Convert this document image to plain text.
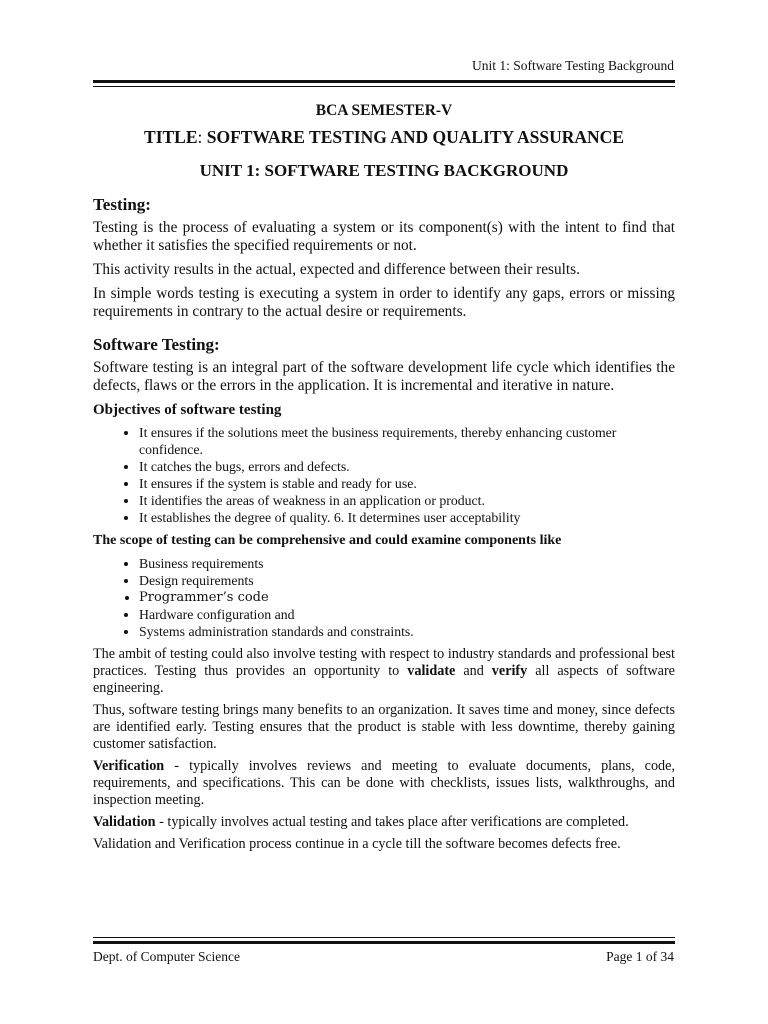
Unit 1: Software Testing Background
BCA SEMESTER-V
TITLE: SOFTWARE TESTING AND QUALITY ASSURANCE
UNIT 1: SOFTWARE TESTING BACKGROUND
Testing:

Testing is the process of evaluating a system or its component(s) with the intent to find that whether it satisfies the specified requirements or not.

This activity results in the actual, expected and difference between their results.

In simple words testing is executing a system in order to identify any gaps, errors or missing requirements in contrary to the actual desire or requirements.

Software Testing:

Software testing is an integral part of the software development life cycle which identifies the defects, flaws or the errors in the application. It is incremental and iterative in nature.

Objectives of software testing
• It ensures if the solutions meet the business requirements, thereby enhancing customer confidence.
• It catches the bugs, errors and defects.
• It ensures if the system is stable and ready for use.
• It identifies the areas of weakness in an application or product.
• It establishes the degree of quality. 6. It determines user acceptability
The scope of testing can be comprehensive and could examine components like
• Business requirements
• Design requirements
• Programmer’s code
• Hardware configuration and
• Systems administration standards and constraints.

The ambit of testing could also involve testing with respect to industry standards and professional best practices. Testing thus provides an opportunity to validate and verify all aspects of software engineering.

Thus, software testing brings many benefits to an organization. It saves time and money, since defects are identified early. Testing ensures that the product is stable with less downtime, thereby gaining customer satisfaction.

Verification - typically involves reviews and meeting to evaluate documents, plans, code, requirements, and specifications. This can be done with checklists, issues lists, walkthroughs, and inspection meeting.

Validation - typically involves actual testing and takes place after verifications are completed.

Validation and Verification process continue in a cycle till the software becomes defects free.

Dept. of Computer Science	Page 1 of 34
